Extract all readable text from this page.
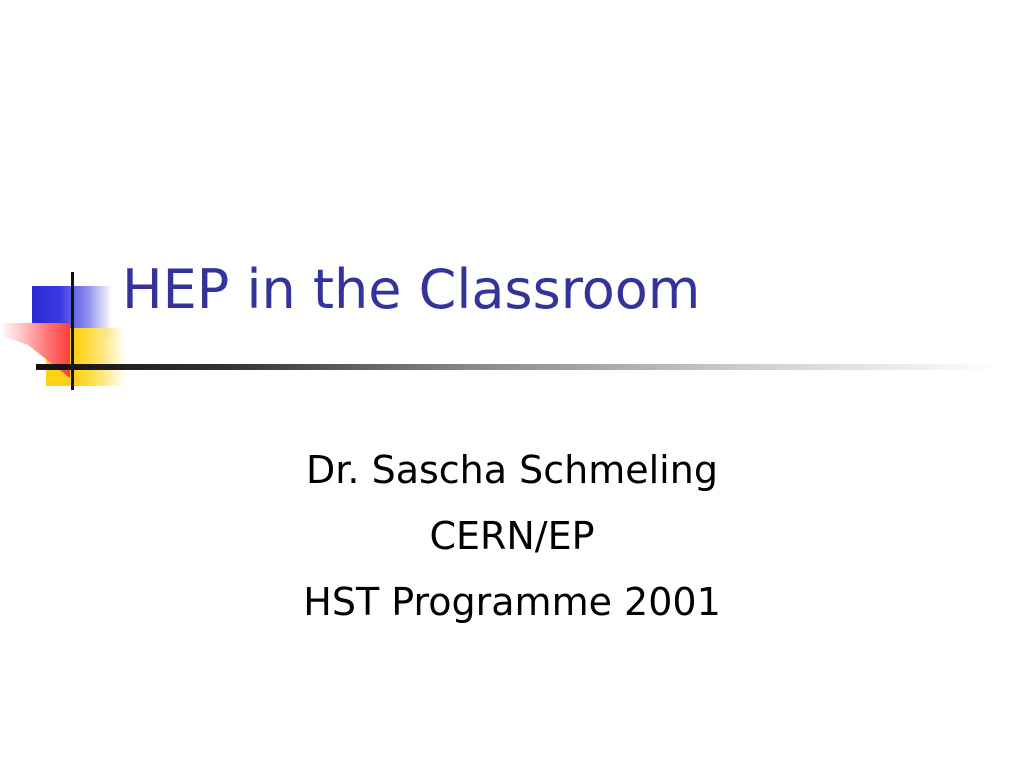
HEP in the Classroom
Dr. Sascha Schmeling
CERN/EP
HST Programme 2001
